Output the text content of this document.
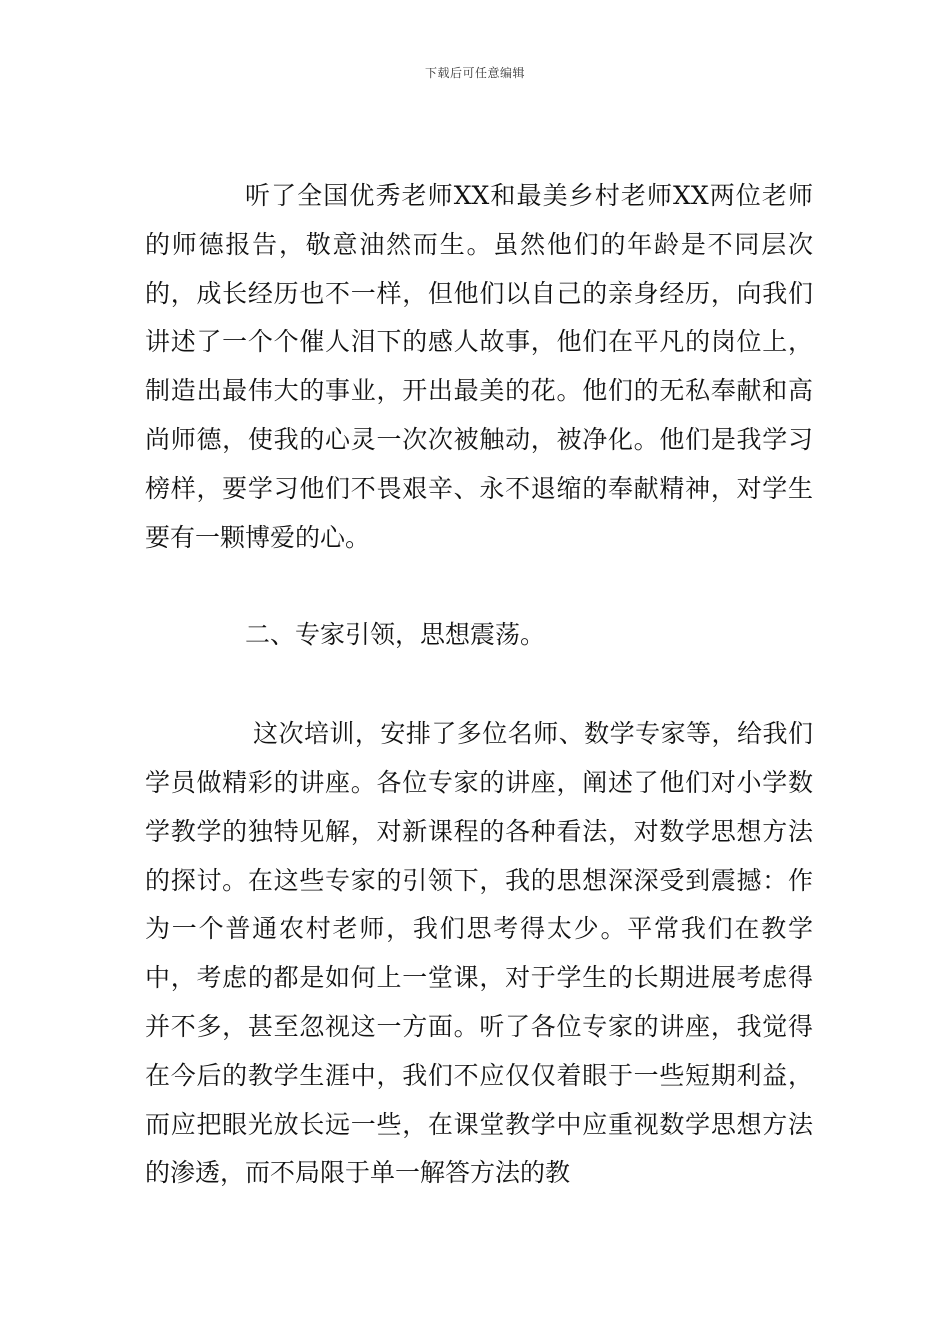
下载后可任意编辑

听了全国优秀老师XX和最美乡村老师XX两位老师的师德报告，敬意油然而生。虽然他们的年龄是不同层次的，成长经历也不一样，但他们以自己的亲身经历，向我们讲述了一个个催人泪下的感人故事，他们在平凡的岗位上，制造出最伟大的事业，开出最美的花。他们的无私奉献和高尚师德，使我的心灵一次次被触动，被净化。他们是我学习榜样，要学习他们不畏艰辛、永不退缩的奉献精神，对学生要有一颗博爱的心。

二、专家引领，思想震荡。

这次培训，安排了多位名师、数学专家等，给我们学员做精彩的讲座。各位专家的讲座，阐述了他们对小学数学教学的独特见解，对新课程的各种看法，对数学思想方法的探讨。在这些专家的引领下，我的思想深深受到震撼：作为一个普通农村老师，我们思考得太少。平常我们在教学中，考虑的都是如何上一堂课，对于学生的长期进展考虑得并不多，甚至忽视这一方面。听了各位专家的讲座，我觉得在今后的教学生涯中，我们不应仅仅着眼于一些短期利益，而应把眼光放长远一些，在课堂教学中应重视数学思想方法的渗透，而不局限于单一解答方法的教
